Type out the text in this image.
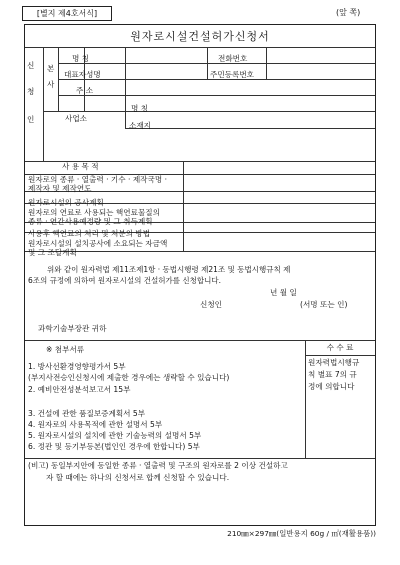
[별지 제4호서식]	(앞 쪽)
원자로시설건설허가신청서
신
청
인
본
사
명 칭	전화번호
대표자성명	주민등록번호
주 소
사업소
명 칭
소재지
사 용 목 적
원자로의 종류 · 열출력 · 기수 · 제작국명 ·
제작자 및 제작연도
원자로시설의 공사계획
원자로의 연료로 사용되는 핵연료물질의
종류 · 연간사용예정량 및 그 취득계획
사용후 핵연료의 처리 및 처분의 방법
원자로시설의 설치공사에 소요되는 자금액
및 그 조달계획
위와 같이 원자력법 제11조제1항 · 동법시행령 제21조 및 동법시행규칙 제
6조의 규정에 의하여 원자로시설의 건설허가를 신청합니다.
년 월 일
신청인	(서명 또는 인)
과학기술부장관 귀하
※ 첨부서류
1. 방사선환경영향평가서 5부
(부지사전승인신청시에 제출한 경우에는 생략할 수 있습니다)
2. 예비안전성분석보고서 15부
3. 건설에 관한 품질보증계획서 5부
4. 원자로의 사용목적에 관한 설명서 5부
5. 원자로시설의 설치에 관한 기술능력의 설명서 5부
6. 정관 및 등기부등본(법인인 경우에 한합니다) 5부
수 수 료
원자력법시행규
칙 별표 7의 규
정에 의합니다
(비고) 동일부지안에 동일한 종류 · 열출력 및 구조의 원자로를 2 이상 건설하고
자 할 때에는 하나의 신청서로 합께 신청할 수 있습니다.
210㎜×297㎜(일반용지 60g / ㎡(재활용품))
